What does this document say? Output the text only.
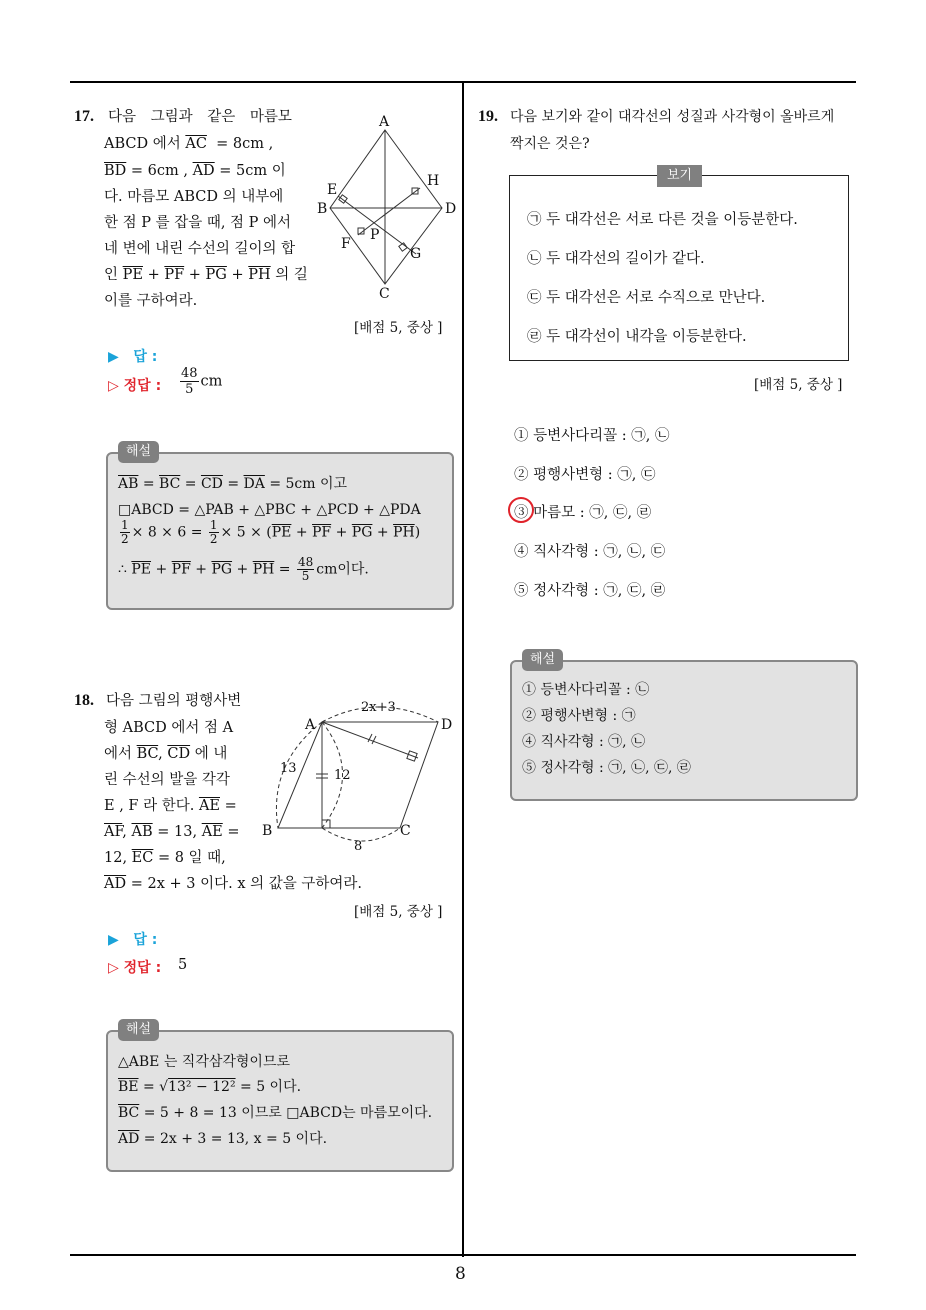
8
17. 다음 그림과 같은 마름모
ABCD 에서 $\overline{AC} = 8cm$ ,
$\overline{BD} = 6cm$ , $\overline{AD} = 5cm$ 이
다. 마름모 ABCD 의 내부에
한 점 P 를 잡을 때, 점 P 에서
네 변에 내린 수선의 길이의 합
인 $\overline{PE} + \overline{PF} + \overline{PG} + \overline{PH}$ 의 길
이를 구하여라.
A
B
C
D
E
F
G
H
P
[배점 5, 중상 ]
▶   답 :
▷ 정답 : $\frac{48}{5}$ cm
해설
$\overline{AB} = \overline{BC} = \overline{CD} = \overline{DA} = 5cm$ 이고
□ABCD = △PAB + △PBC + △PCD + △PDA
$\frac{1}{2} \times 8 \times 6 = \frac{1}{2} \times 5 \times (\overline{PE} + \overline{PF} + \overline{PG} + \overline{PH})$
∴ $\overline{PE} + \overline{PF} + \overline{PG} + \overline{PH} = \frac{48}{5}$ cm이다.
18. 다음 그림의 평행사변
형 ABCD 에서 점 A
에서 $\overline{BC}$, $\overline{CD}$ 에 내
린 수선의 발을 각각
E , F 라 한다. $\overline{AE}$ =
$\overline{AF}$, $\overline{AB} = 13$, $\overline{AE}$ =
12, $\overline{EC} = 8$ 일 때,
$\overline{AD} = 2x + 3$ 이다. x 의 값을 구하여라.
A
B	C
D
2x+3
13	12
8
[배점 5, 중상 ]
▶   답 :
▷ 정답 : 5
해설
△ABE 는 직각삼각형이므로
$\overline{BE} = √13^2 - 12^2 = 5$ 이다.
$\overline{BC} = 5 + 8 = 13$ 이므로 □ABCD는 마름모이다.
$\overline{AD} = 2x + 3 = 13$, x = 5 이다.
19. 다음 보기와 같이 대각선의 성질과 사각형이 올바르게
짝지은 것은?
보기
㉠ 두 대각선은 서로 다른 것을 이등분한다.
㉡ 두 대각선의 길이가 같다.
㉢ 두 대각선은 서로 수직으로 만난다.
㉣ 두 대각선이 내각을 이등분한다.
[배점 5, 중상 ]
① 등변사다리꼴 : ㉠, ㉡
② 평행사변형 : ㉠, ㉢
③ 마름모 : ㉠, ㉢, ㉣
④ 직사각형 : ㉠, ㉡, ㉢
⑤ 정사각형 : ㉠, ㉢, ㉣
해설
① 등변사다리꼴 : ㉡
② 평행사변형 : ㉠
④ 직사각형 : ㉠, ㉡
⑤ 정사각형 : ㉠, ㉡, ㉢, ㉣
